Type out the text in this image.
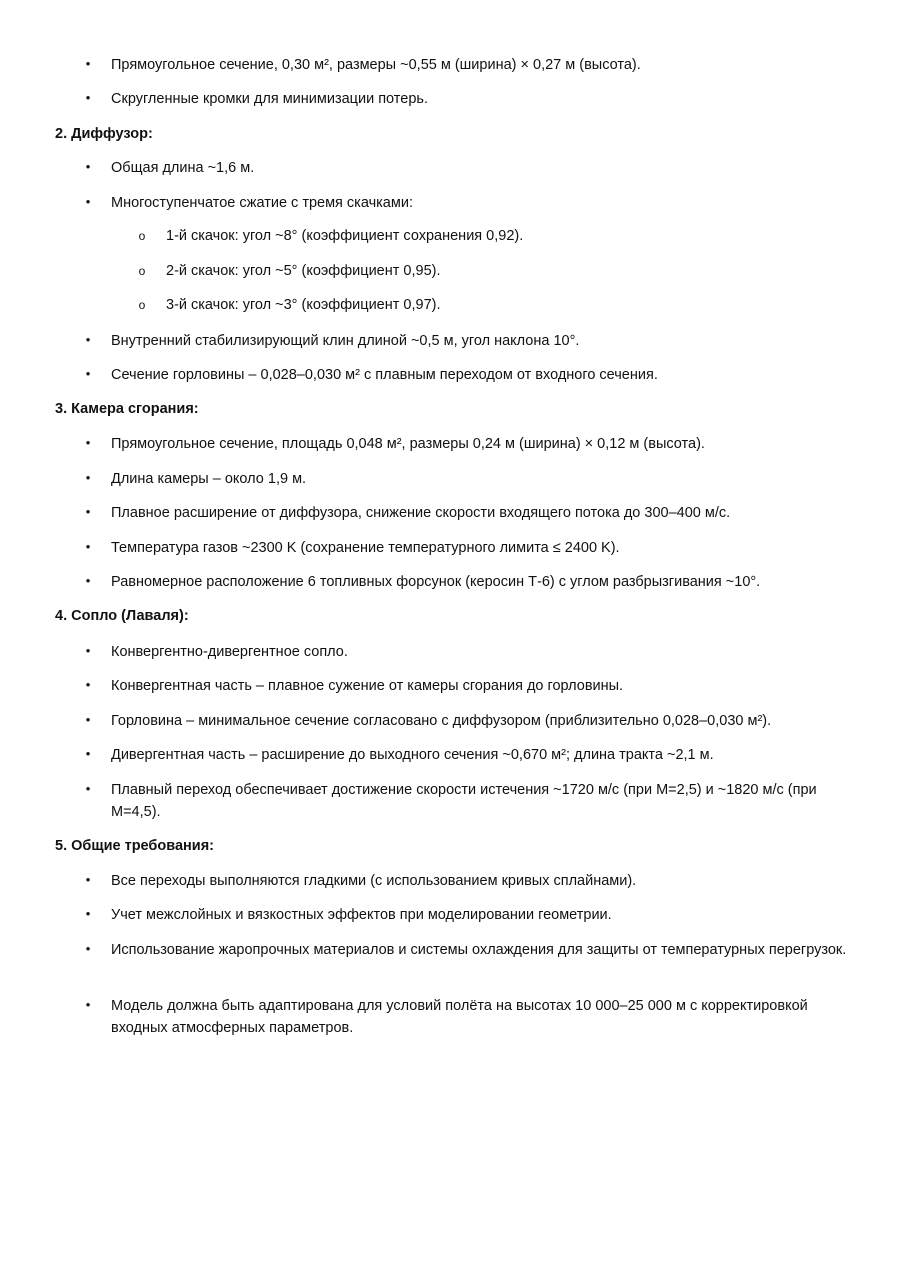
• Прямоугольное сечение, 0,30 м², размеры ~0,55 м (ширина) × 0,27 м (высота).
• Скругленные кромки для минимизации потерь.
2. Диффузор:
• Общая длина ~1,6 м.
• Многоступенчатое сжатие с тремя скачками:
o 1-й скачок: угол ~8° (коэффициент сохранения 0,92).
o 2-й скачок: угол ~5° (коэффициент 0,95).
o 3-й скачок: угол ~3° (коэффициент 0,97).
• Внутренний стабилизирующий клин длиной ~0,5 м, угол наклона 10°.
• Сечение горловины – 0,028–0,030 м² с плавным переходом от входного сечения.
3. Камера сгорания:
• Прямоугольное сечение, площадь 0,048 м², размеры 0,24 м (ширина) × 0,12 м (высота).
• Длина камеры – около 1,9 м.
• Плавное расширение от диффузора, снижение скорости входящего потока до 300–400 м/с.
• Температура газов ~2300 K (сохранение температурного лимита ≤ 2400 K).
• Равномерное расположение 6 топливных форсунок (керосин Т-6) с углом разбрызгивания ~10°.
4. Сопло (Лаваля):
• Конвергентно-дивергентное сопло.
• Конвергентная часть – плавное сужение от камеры сгорания до горловины.
• Горловина – минимальное сечение согласовано с диффузором (приблизительно 0,028–0,030 м²).
• Дивергентная часть – расширение до выходного сечения ~0,670 м²; длина тракта ~2,1 м.
• Плавный переход обеспечивает достижение скорости истечения ~1720 м/с (при M=2,5) и ~1820 м/с (при M=4,5).
5. Общие требования:
• Все переходы выполняются гладкими (с использованием кривых сплайнами).
• Учет межслойных и вязкостных эффектов при моделировании геометрии.
• Использование жаропрочных материалов и системы охлаждения для защиты от температурных перегрузок.
• Модель должна быть адаптирована для условий полёта на высотах 10 000–25 000 м с корректировкой входных атмосферных параметров.
